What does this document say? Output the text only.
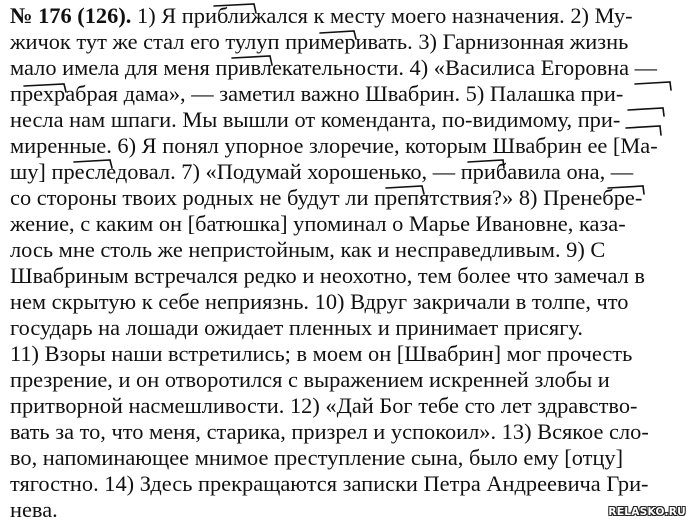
№ 176 (126). 1) Я приближался к месту моего назначения. 2) Му-
жичок тут же стал его тулуп примеривать. 3) Гарнизонная жизнь
мало имела для меня привлекательности. 4) «Василиса Егоровна —
прехрабрая дама», — заметил важно Швабрин. 5) Палашка при-
несла нам шпаги. Мы вышли от коменданта, по-видимому, при-
миренные. 6) Я понял упорное злоречие, которым Швабрин ее [Ма-
шу] преследовал. 7) «Подумай хорошенько, — прибавила она, —
со стороны твоих родных не будут ли препятствия?» 8) Пренебре-
жение, с каким он [батюшка] упоминал о Марье Ивановне, каза-
лось мне столь же непристойным, как и несправедливым. 9) С
Швабриным встречался редко и неохотно, тем более что замечал в
нем скрытую к себе неприязнь. 10) Вдруг закричали в толпе, что
государь на лошади ожидает пленных и принимает присягу.
11) Взоры наши встретились; в моем он [Швабрин] мог прочесть
презрение, и он отворотился с выражением искренней злобы и
притворной насмешливости. 12) «Дай Бог тебе сто лет здравство-
вать за то, что меня, старика, призрел и успокоил». 13) Всякое сло-
во, напоминающее мнимое преступление сына, было ему [отцу]
тягостно. 14) Здесь прекращаются записки Петра Андреевича Гри-
нева.	RELASKO.RU
